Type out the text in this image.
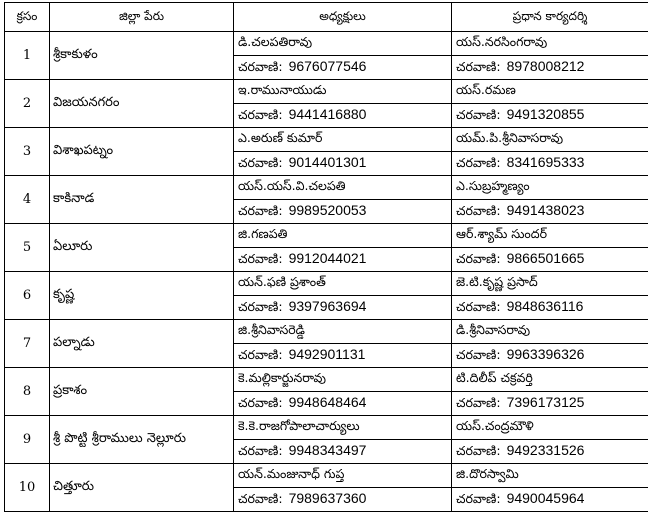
క్రసం	జిల్లా పేరు	అధ్యక్షులు	ప్రధాన కార్యదర్శి
1	శ్రీకాకుళం	డి.చలపతిరావు	యస్.నరసింగరావు
		చరవాణి: 9676077546	చరవాణి: 8978008212
2	విజయనగరం	ఇ.రామునాయుడు	యస్.రమణ
		చరవాణి: 9441416880	చరవాణి: 9491320855
3	విశాఖపట్నం	ఎ.అరుణ్ కుమార్	యమ్.పి.శ్రీనివాసరావు
		చరవాణి: 9014401301	చరవాణి: 8341695333
4	కాకినాడ	యస్.యస్.వి.చలపతి	ఎ.సుబ్రహ్మణ్యం
		చరవాణి: 9989520053	చరవాణి: 9491438023
5	ఏలూరు	జి.గణపతి	ఆర్.శ్యామ్ సుందర్
		చరవాణి: 9912044021	చరవాణి: 9866501665
6	కృష్ణ	యన్.ఫణి ప్రశాంత్	జె.టి.కృష్ణ ప్రసాద్
		చరవాణి: 9397963694	చరవాణి: 9848636116
7	పల్నాడు	జి.శ్రీనివాసరెడ్డి	డి.శ్రీనివాసరావు
		చరవాణి: 9492901131	చరవాణి: 9963396326
8	ప్రకాశం	కె.మల్లికార్జునరావు	టి.దిలీప్ చక్రవర్తి
		చరవాణి: 9948648464	చరవాణి: 7396173125
9	శ్రీ పొట్టి శ్రీరాములు నెల్లూరు	కె.కె.రాజగోపాలాచార్యులు	యస్.చంద్రమౌళి
		చరవాణి: 9948343497	చరవాణి: 9492331526
10	చిత్తూరు	యన్.మంజునాధ్ గుప్త	జి.దొరస్వామి
		చరవాణి: 7989637360	చరవాణి: 9490045964
